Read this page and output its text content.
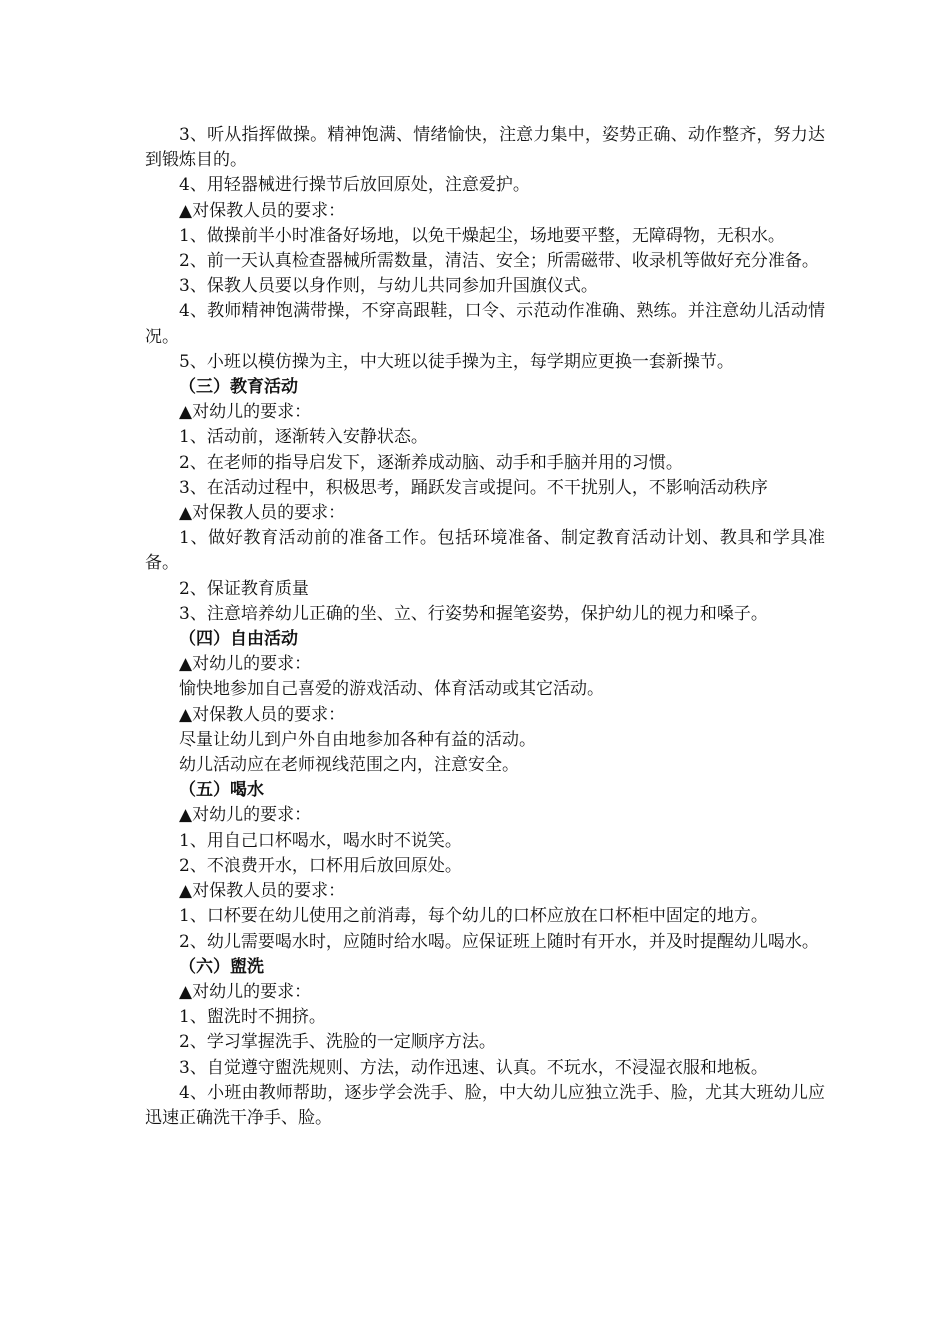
3、听从指挥做操。精神饱满、情绪愉快，注意力集中，姿势正确、动作整齐，努力达到锻炼目的。

4、用轻器械进行操节后放回原处，注意爱护。

▲对保教人员的要求：

1、做操前半小时准备好场地，以免干燥起尘，场地要平整，无障碍物，无积水。

2、前一天认真检查器械所需数量，清洁、安全；所需磁带、收录机等做好充分准备。

3、保教人员要以身作则，与幼儿共同参加升国旗仪式。

4、教师精神饱满带操，不穿高跟鞋，口令、示范动作准确、熟练。并注意幼儿活动情况。

5、小班以模仿操为主，中大班以徒手操为主，每学期应更换一套新操节。

（三）教育活动

▲对幼儿的要求：

1、活动前，逐渐转入安静状态。

2、在老师的指导启发下，逐渐养成动脑、动手和手脑并用的习惯。

3、在活动过程中，积极思考，踊跃发言或提问。不干扰别人，不影响活动秩序

▲对保教人员的要求：

1、做好教育活动前的准备工作。包括环境准备、制定教育活动计划、教具和学具准备。

2、保证教育质量

3、注意培养幼儿正确的坐、立、行姿势和握笔姿势，保护幼儿的视力和嗓子。

（四）自由活动

▲对幼儿的要求：

愉快地参加自己喜爱的游戏活动、体育活动或其它活动。

▲对保教人员的要求：

尽量让幼儿到户外自由地参加各种有益的活动。

幼儿活动应在老师视线范围之内，注意安全。

（五）喝水

▲对幼儿的要求：

1、用自己口杯喝水，喝水时不说笑。

2、不浪费开水，口杯用后放回原处。

▲对保教人员的要求：

1、口杯要在幼儿使用之前消毒，每个幼儿的口杯应放在口杯柜中固定的地方。

2、幼儿需要喝水时，应随时给水喝。应保证班上随时有开水，并及时提醒幼儿喝水。

（六）盥洗

▲对幼儿的要求：

1、盥洗时不拥挤。

2、学习掌握洗手、洗脸的一定顺序方法。

3、自觉遵守盥洗规则、方法，动作迅速、认真。不玩水，不浸湿衣服和地板。

4、小班由教师帮助，逐步学会洗手、脸，中大幼儿应独立洗手、脸，尤其大班幼儿应迅速正确洗干净手、脸。
